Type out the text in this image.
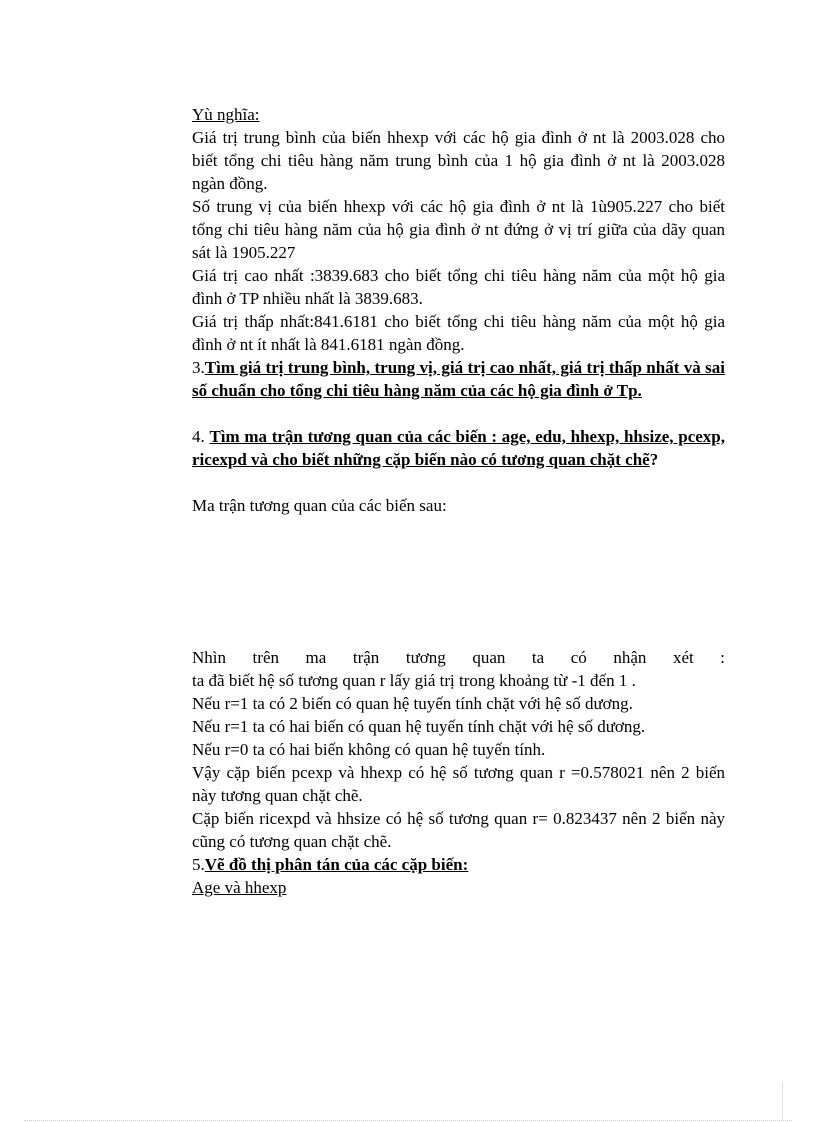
Yù nghĩa:

Giá trị trung bình của biến hhexp với các hộ gia đình ở nt là 2003.028 cho biết tổng chi tiêu hàng năm trung bình của 1 hộ gia đình ở nt là 2003.028 ngàn đồng.

Số trung vị của biến hhexp với các hộ gia đình ở nt là 1ù905.227 cho biết tổng chi tiêu hàng năm của hộ gia đình ở nt đứng ở vị trí giữa của dãy quan sát là 1905.227

Giá trị cao nhất :3839.683 cho biết tổng chi tiêu hàng năm của một hộ gia đình ở TP nhiều nhất là 3839.683.

Giá trị thấp nhất:841.6181 cho biết tổng chi tiêu hàng năm của một hộ gia đình ở nt ít nhất là 841.6181 ngàn đồng.

3.Tìm giá trị trung bình, trung vị, giá trị cao nhất, giá trị thấp nhất và sai số chuẩn cho tổng chi tiêu hàng năm của các hộ gia đình ở Tp.

4. Tìm ma trận tương quan của các biến : age, edu, hhexp, hhsize, pcexp, ricexpd và cho biết những cặp biến nào có tương quan chặt chẽ?

Ma trận tương quan của các biến sau:

Nhìn trên ma trận tương quan ta có nhận xét :

ta đã biết hệ số tương quan r lấy giá trị trong khoảng từ -1 đến 1 .

Nếu r=1 ta có 2 biến có quan hệ tuyến tính chặt với hệ số dương.

Nếu r=1 ta có hai biến có quan hệ tuyến tính chặt với hệ số dương.

Nếu r=0 ta có hai biến không có quan hệ tuyến tính.

Vậy cặp biến pcexp và hhexp có hệ số tương quan r =0.578021 nên 2 biến này tương quan chặt chẽ.

Cặp biến ricexpd và hhsize có hệ số tương quan r= 0.823437 nên 2 biến này cũng có tương quan chặt chẽ.

5.Vẽ đồ thị phân tán của các cặp biến:

Age và hhexp
